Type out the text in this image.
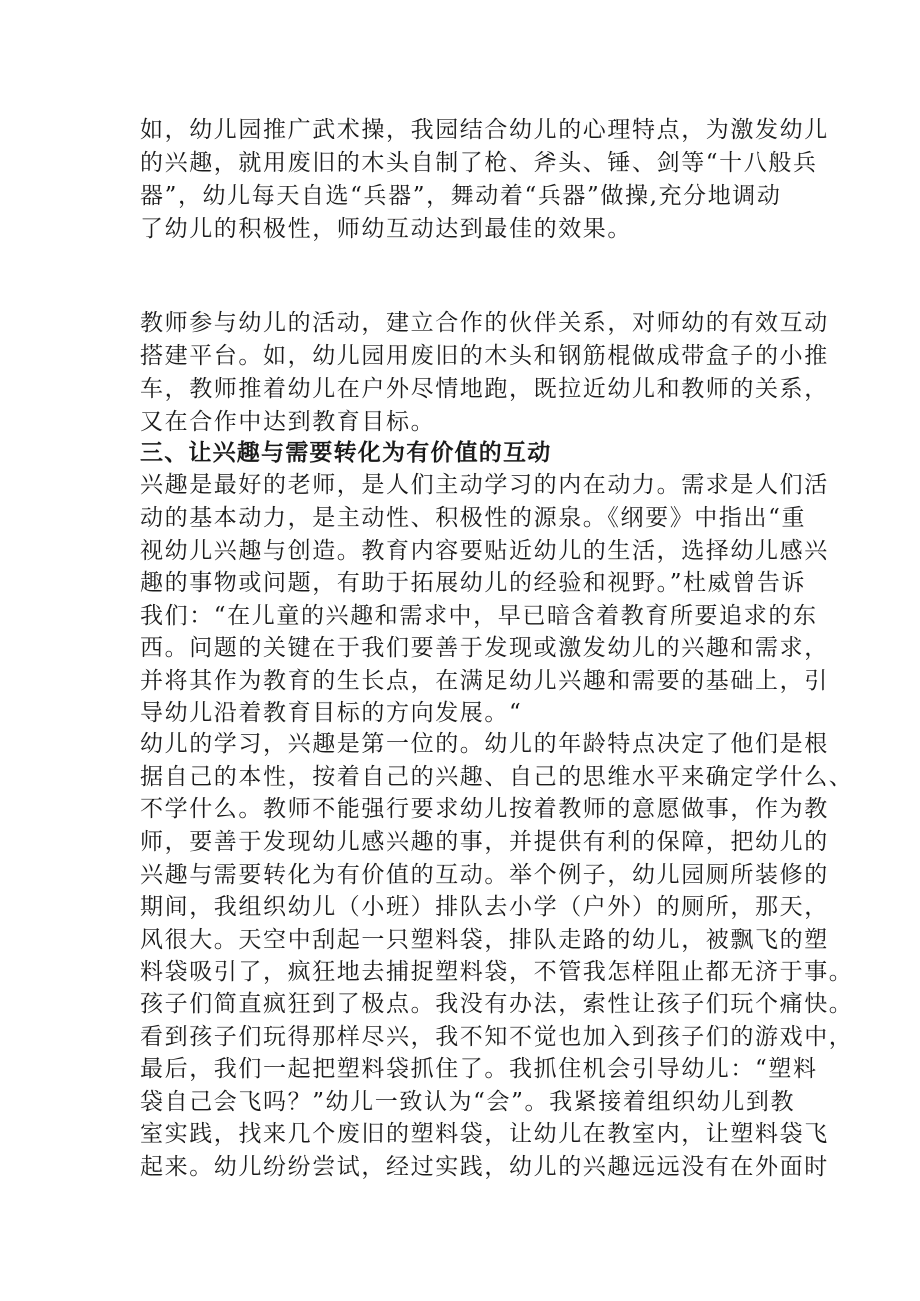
如，幼儿园推广武术操，我园结合幼儿的心理特点，为激发幼儿
的兴趣，就用废旧的木头自制了枪、斧头、锤、剑等“十八般兵
器”，幼儿每天自选“兵器”，舞动着“兵器”做操,充分地调动
了幼儿的积极性，师幼互动达到最佳的效果。
教师参与幼儿的活动，建立合作的伙伴关系，对师幼的有效互动
搭建平台。如，幼儿园用废旧的木头和钢筋棍做成带盒子的小推
车，教师推着幼儿在户外尽情地跑，既拉近幼儿和教师的关系，
又在合作中达到教育目标。
三、让兴趣与需要转化为有价值的互动
兴趣是最好的老师，是人们主动学习的内在动力。需求是人们活
动的基本动力，是主动性、积极性的源泉。《纲要》中指出“重
视幼儿兴趣与创造。教育内容要贴近幼儿的生活，选择幼儿感兴
趣的事物或问题，有助于拓展幼儿的经验和视野。”杜威曾告诉
我们：“在儿童的兴趣和需求中，早已暗含着教育所要追求的东
西。问题的关键在于我们要善于发现或激发幼儿的兴趣和需求，
并将其作为教育的生长点，在满足幼儿兴趣和需要的基础上，引
导幼儿沿着教育目标的方向发展。“
幼儿的学习，兴趣是第一位的。幼儿的年龄特点决定了他们是根
据自己的本性，按着自己的兴趣、自己的思维水平来确定学什么、
不学什么。教师不能强行要求幼儿按着教师的意愿做事，作为教
师，要善于发现幼儿感兴趣的事，并提供有利的保障，把幼儿的
兴趣与需要转化为有价值的互动。举个例子，幼儿园厕所装修的
期间，我组织幼儿（小班）排队去小学（户外）的厕所，那天，
风很大。天空中刮起一只塑料袋，排队走路的幼儿，被飘飞的塑
料袋吸引了，疯狂地去捕捉塑料袋，不管我怎样阻止都无济于事。
孩子们简直疯狂到了极点。我没有办法，索性让孩子们玩个痛快。
看到孩子们玩得那样尽兴，我不知不觉也加入到孩子们的游戏中，
最后，我们一起把塑料袋抓住了。我抓住机会引导幼儿：“塑料
袋自己会飞吗？”幼儿一致认为“会”。我紧接着组织幼儿到教
室实践，找来几个废旧的塑料袋，让幼儿在教室内，让塑料袋飞
起来。幼儿纷纷尝试，经过实践，幼儿的兴趣远远没有在外面时
